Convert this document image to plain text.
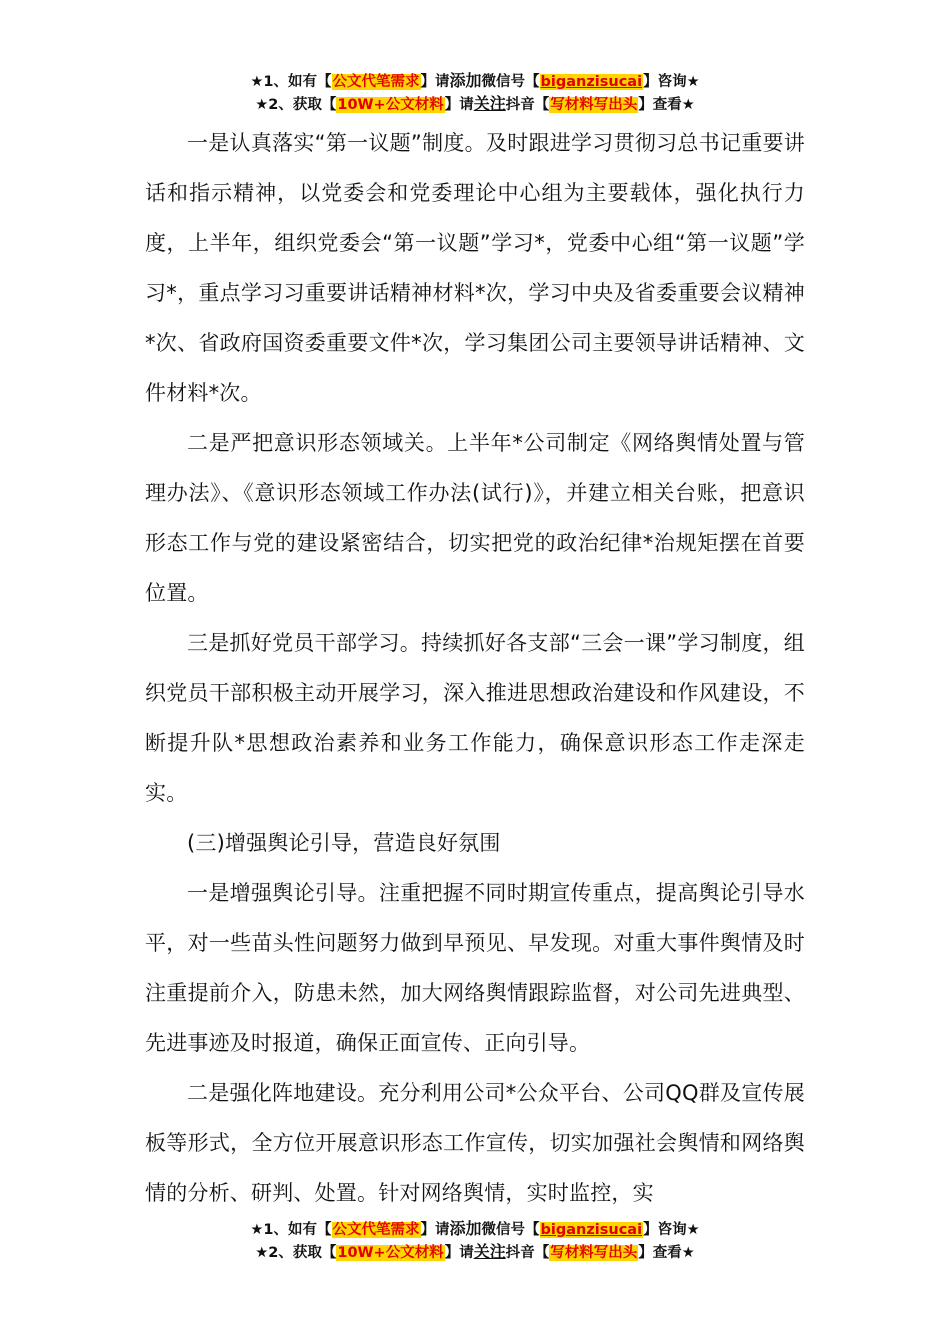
★1、如有【公文代笔需求】请添加微信号【biganzisucai】咨询★
★2、获取【10W+公文材料】请关注抖音【写材料写出头】查看★

一是认真落实“第一议题”制度。及时跟进学习贯彻习总书记重要讲话和指示精神，以党委会和党委理论中心组为主要载体，强化执行力度，上半年，组织党委会“第一议题”学习*，党委中心组“第一议题”学习*，重点学习习重要讲话精神材料*次，学习中央及省委重要会议精神*次、省政府国资委重要文件*次，学习集团公司主要领导讲话精神、文件材料*次。

二是严把意识形态领域关。上半年*公司制定《网络舆情处置与管理办法》、《意识形态领域工作办法(试行)》，并建立相关台账，把意识形态工作与党的建设紧密结合，切实把党的政治纪律*治规矩摆在首要位置。

三是抓好党员干部学习。持续抓好各支部“三会一课”学习制度，组织党员干部积极主动开展学习，深入推进思想政治建设和作风建设，不断提升队*思想政治素养和业务工作能力，确保意识形态工作走深走实。

(三)增强舆论引导，营造良好氛围

一是增强舆论引导。注重把握不同时期宣传重点，提高舆论引导水平，对一些苗头性问题努力做到早预见、早发现。对重大事件舆情及时注重提前介入，防患未然，加大网络舆情跟踪监督，对公司先进典型、先进事迹及时报道，确保正面宣传、正向引导。

二是强化阵地建设。充分利用公司*公众平台、公司QQ群及宣传展板等形式，全方位开展意识形态工作宣传，切实加强社会舆情和网络舆情的分析、研判、处置。针对网络舆情，实时监控，实

★1、如有【公文代笔需求】请添加微信号【biganzisucai】咨询★
★2、获取【10W+公文材料】请关注抖音【写材料写出头】查看★
